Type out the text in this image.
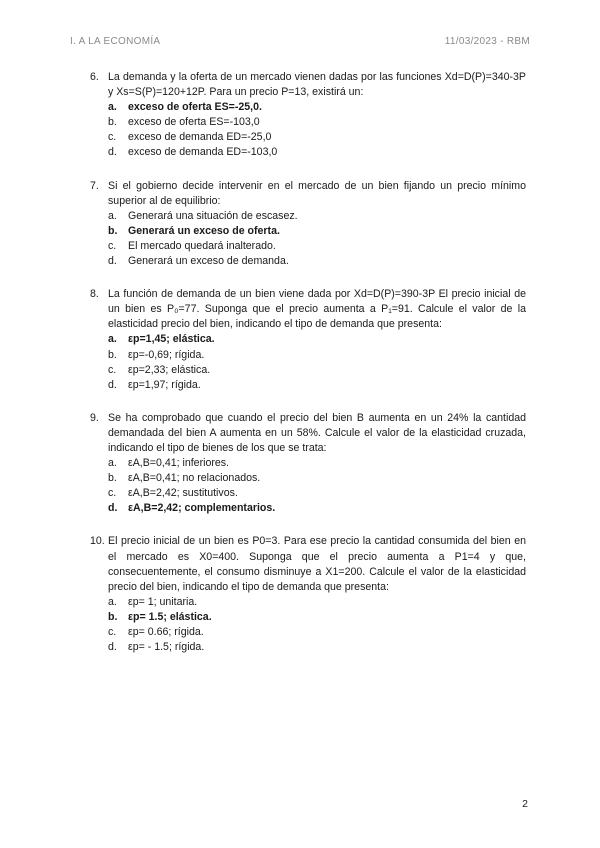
I. A LA ECONOMÍA	11/03/2023 - RBM
6. La demanda y la oferta de un mercado vienen dadas por las funciones Xd=D(P)=340-3P y Xs=S(P)=120+12P. Para un precio P=13, existirá un:
a.	exceso de oferta ES=-25,0.
b.	exceso de oferta ES=-103,0
c.	exceso de demanda ED=-25,0
d.	exceso de demanda ED=-103,0
7. Si el gobierno decide intervenir en el mercado de un bien fijando un precio mínimo superior al de equilibrio:
a.	Generará una situación de escasez.
b. Generará un exceso de oferta.
c.	El mercado quedará inalterado.
d.	Generará un exceso de demanda.
8. La función de demanda de un bien viene dada por Xd=D(P)=390-3P El precio inicial de un bien es P₀=77. Suponga que el precio aumenta a P₁=91. Calcule el valor de la elasticidad precio del bien, indicando el tipo de demanda que presenta:
a.	εp=1,45; elástica.
b.	εp=-0,69; rígida.
c.	εp=2,33; elástica.
d.	εp=1,97; rígida.
9. Se ha comprobado que cuando el precio del bien B aumenta en un 24% la cantidad demandada del bien A aumenta en un 58%. Calcule el valor de la elasticidad cruzada, indicando el tipo de bienes de los que se trata:
a.	εA,B=0,41; inferiores.
b.	εA,B=0,41; no relacionados.
c.	εA,B=2,42; sustitutivos.
d. εA,B=2,42; complementarios.
10. El precio inicial de un bien es P0=3. Para ese precio la cantidad consumida del bien en el mercado es X0=400. Suponga que el precio aumenta a P1=4 y que, consecuentemente, el consumo disminuye a X1=200. Calcule el valor de la elasticidad precio del bien, indicando el tipo de demanda que presenta:
a.	εp= 1; unitaria.
b. εp= 1.5; elástica.
c.	εp= 0.66; rígida.
d.	εp= - 1.5; rígida.
2
